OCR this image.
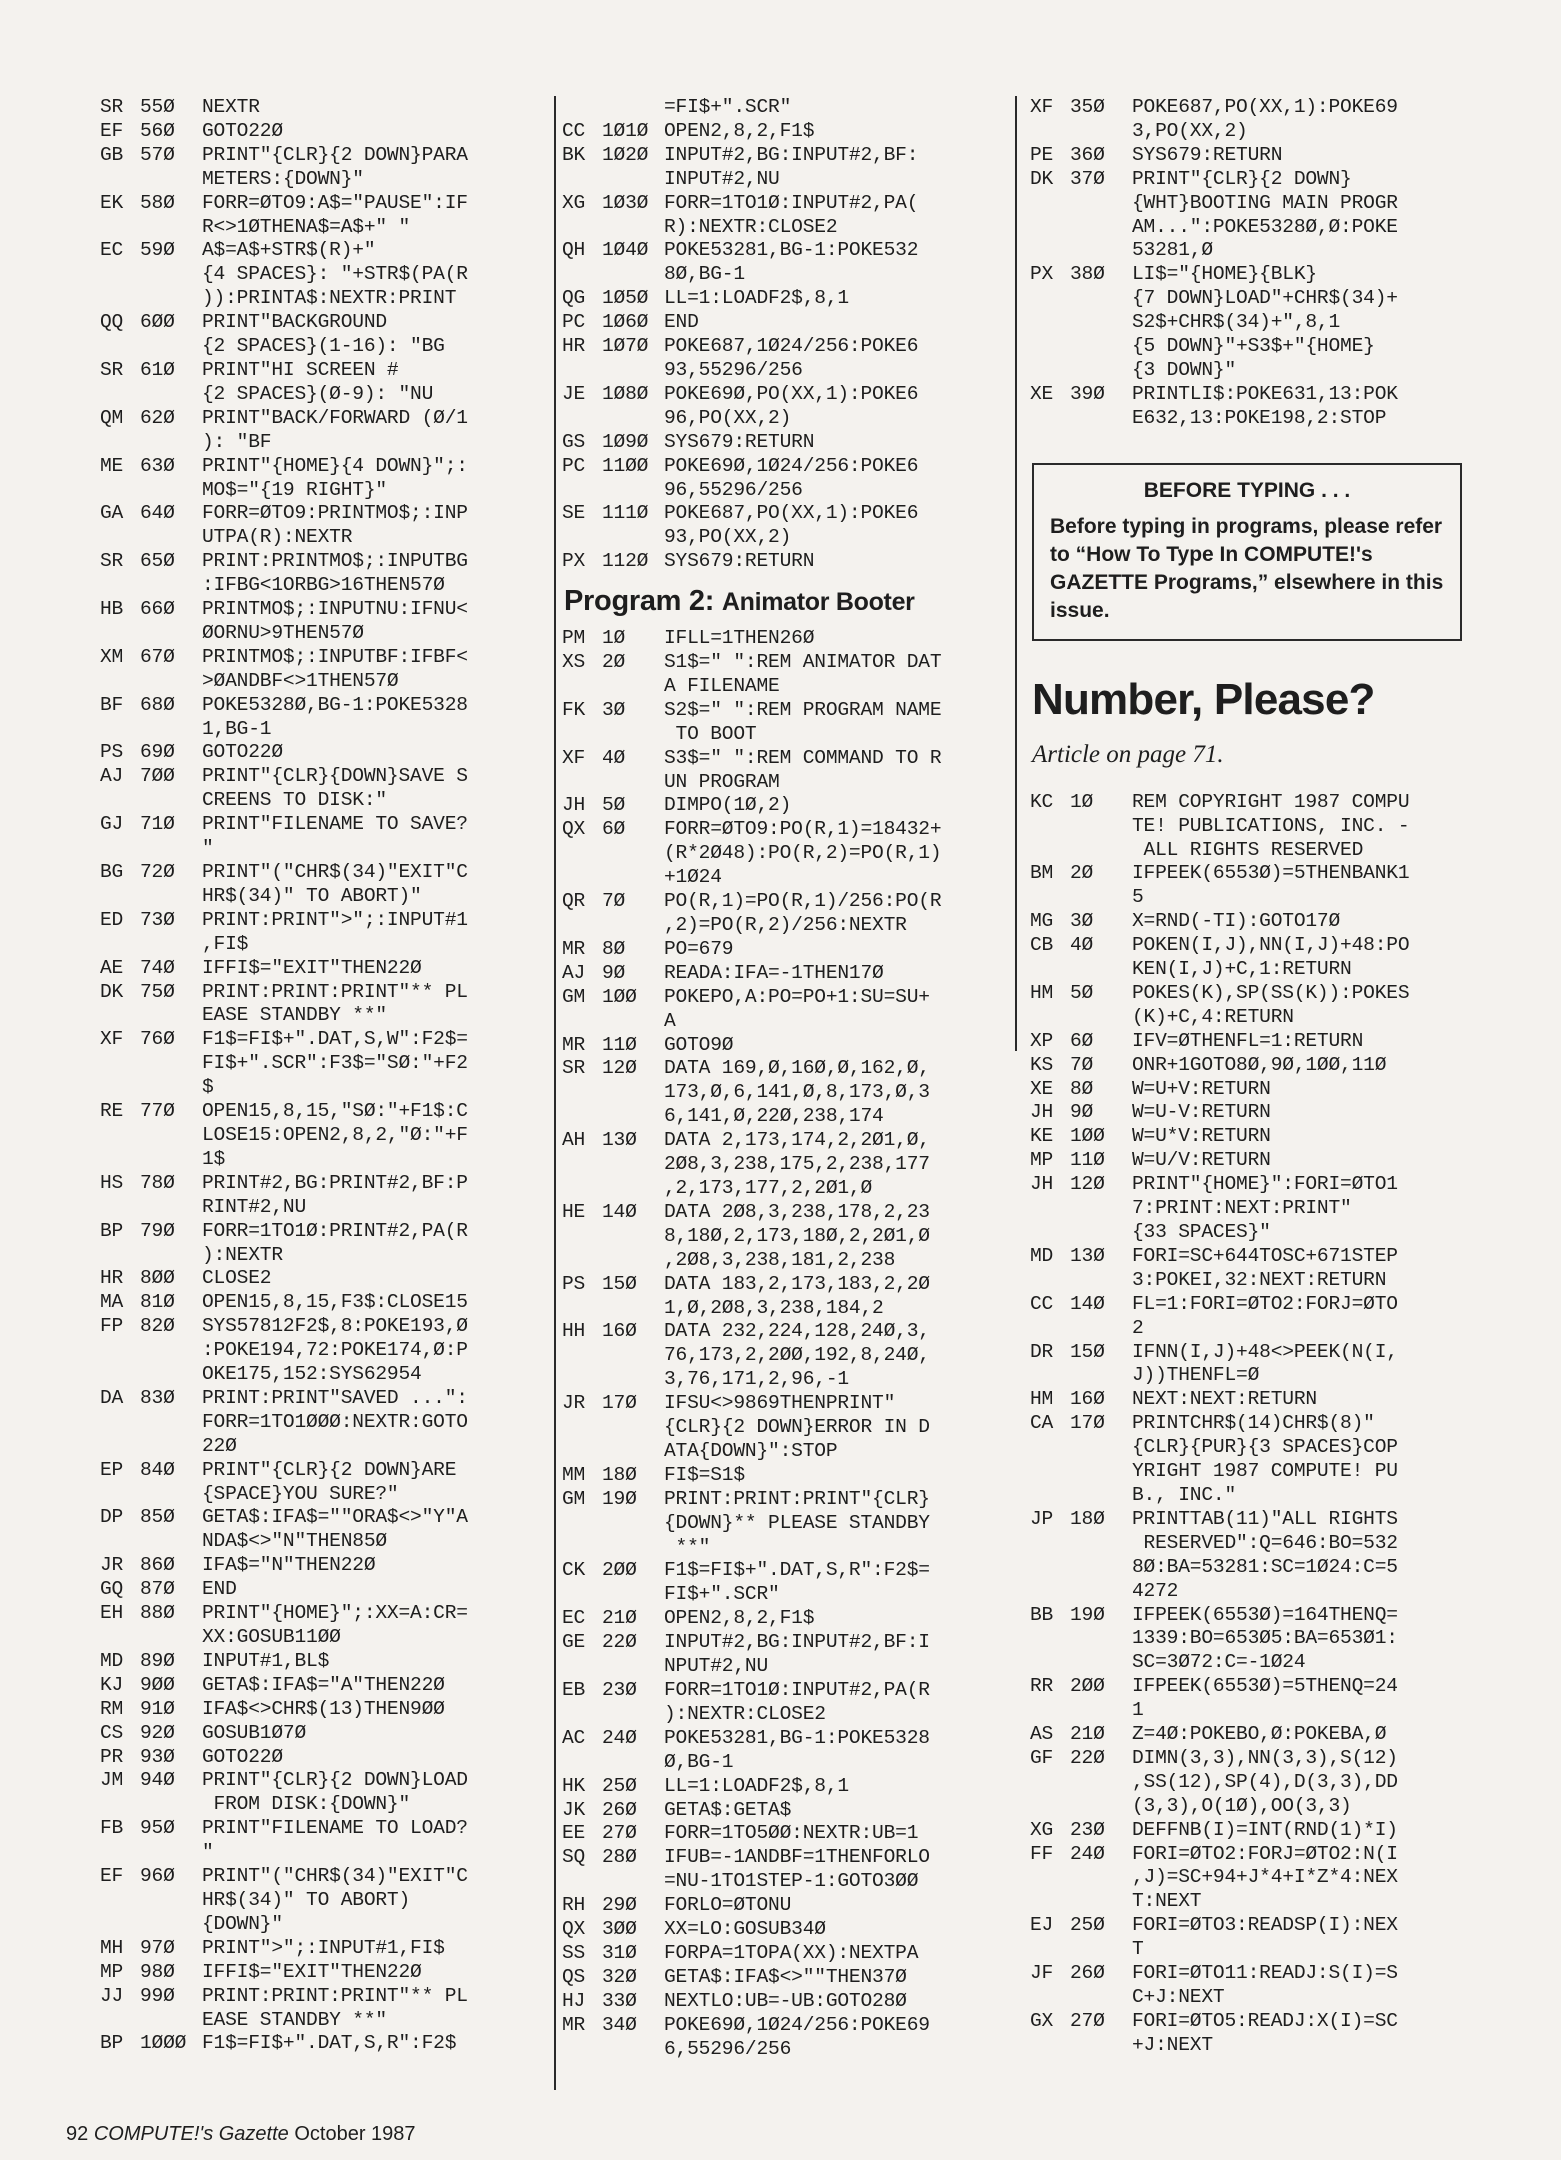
SR 55Ø	NEXTR
EF 56Ø	GOTO22Ø
GB 57Ø	PRINT"{CLR}{2 DOWN}PARA
METERS:{DOWN}"
EK 58Ø	FORR=ØTO9:A$="PAUSE":IF
R<>1ØTHENA$=A$+" "
EC 59Ø	A$=A$+STR$(R)+"
{4 SPACES}: "+STR$(PA(R
)):PRINTA$:NEXTR:PRINT
QQ 6ØØ	PRINT"BACKGROUND
{2 SPACES}(1-16): "BG
SR 61Ø	PRINT"HI SCREEN #
{2 SPACES}(Ø-9): "NU
QM 62Ø	PRINT"BACK/FORWARD (Ø/1
): "BF
ME 63Ø	PRINT"{HOME}{4 DOWN}";:
MO$="{19 RIGHT}"
GA 64Ø	FORR=ØTO9:PRINTMO$;:INP
UTPA(R):NEXTR
SR 65Ø	PRINT:PRINTMO$;:INPUTBG
:IFBG<1ORBG>16THEN57Ø
HB 66Ø	PRINTMO$;:INPUTNU:IFNU<
ØORNU>9THEN57Ø
XM 67Ø	PRINTMO$;:INPUTBF:IFBF<
>ØANDBF<>1THEN57Ø
BF 68Ø	POKE5328Ø,BG-1:POKE5328
1,BG-1
PS 69Ø	GOTO22Ø
AJ 7ØØ	PRINT"{CLR}{DOWN}SAVE S
CREENS TO DISK:"
GJ 71Ø	PRINT"FILENAME TO SAVE?
"
BG 72Ø	PRINT"("CHR$(34)"EXIT"C
HR$(34)" TO ABORT)"
ED 73Ø	PRINT:PRINT">";:INPUT#1
,FI$
AE 74Ø	IFFI$="EXIT"THEN22Ø
DK 75Ø	PRINT:PRINT:PRINT"** PL
EASE STANDBY **"
XF 76Ø	F1$=FI$+".DAT,S,W":F2$=
FI$+".SCR":F3$="SØ:"+F2
$
RE 77Ø	OPEN15,8,15,"SØ:"+F1$:C
LOSE15:OPEN2,8,2,"Ø:"+F
1$
HS 78Ø	PRINT#2,BG:PRINT#2,BF:P
RINT#2,NU
BP 79Ø	FORR=1TO1Ø:PRINT#2,PA(R
):NEXTR
HR 8ØØ	CLOSE2
MA 81Ø	OPEN15,8,15,F3$:CLOSE15
FP 82Ø	SYS57812F2$,8:POKE193,Ø
:POKE194,72:POKE174,Ø:P
OKE175,152:SYS62954
DA 83Ø	PRINT:PRINT"SAVED ...":
FORR=1TO1ØØØ:NEXTR:GOTO
22Ø
EP 84Ø	PRINT"{CLR}{2 DOWN}ARE
{SPACE}YOU SURE?"
DP 85Ø	GETA$:IFA$=""ORA$<>"Y"A
NDA$<>"N"THEN85Ø
JR 86Ø	IFA$="N"THEN22Ø
GQ 87Ø	END
EH 88Ø	PRINT"{HOME}";:XX=A:CR=
XX:GOSUB11ØØ
MD 89Ø	INPUT#1,BL$
KJ 9ØØ	GETA$:IFA$="A"THEN22Ø
RM 91Ø	IFA$<>CHR$(13)THEN9ØØ
CS 92Ø	GOSUB1Ø7Ø
PR 93Ø	GOTO22Ø
JM 94Ø	PRINT"{CLR}{2 DOWN}LOAD
FROM DISK:{DOWN}"
FB 95Ø	PRINT"FILENAME TO LOAD?
"
EF 96Ø	PRINT"("CHR$(34)"EXIT"C
HR$(34)" TO ABORT)
{DOWN}"
MH 97Ø	PRINT">";:INPUT#1,FI$
MP 98Ø	IFFI$="EXIT"THEN22Ø
JJ 99Ø	PRINT:PRINT:PRINT"** PL
EASE STANDBY **"
BP 1ØØØ F1$=FI$+".DAT,S,R":F2$
=FI$+".SCR"
CC 1Ø1Ø OPEN2,8,2,F1$
BK 1Ø2Ø INPUT#2,BG:INPUT#2,BF:
INPUT#2,NU
XG 1Ø3Ø FORR=1TO1Ø:INPUT#2,PA(
R):NEXTR:CLOSE2
QH 1Ø4Ø POKE53281,BG-1:POKE532
8Ø,BG-1
QG 1Ø5Ø LL=1:LOADF2$,8,1
PC 1Ø6Ø END
HR 1Ø7Ø POKE687,1Ø24/256:POKE6
93,55296/256
JE 1Ø8Ø POKE69Ø,PO(XX,1):POKE6
96,PO(XX,2)
GS 1Ø9Ø SYS679:RETURN
PC 11ØØ POKE69Ø,1Ø24/256:POKE6
96,55296/256
SE 111Ø POKE687,PO(XX,1):POKE6
93,PO(XX,2)
PX 112Ø SYS679:RETURN
Program 2: Animator Booter
PM 1Ø	IFLL=1THEN26Ø
XS 2Ø	S1$=" ":REM ANIMATOR DAT
A FILENAME
FK 3Ø	S2$=" ":REM PROGRAM NAME
TO BOOT
XF 4Ø	S3$=" ":REM COMMAND TO R
UN PROGRAM
JH 5Ø	DIMPO(1Ø,2)
QX 6Ø	FORR=ØTO9:PO(R,1)=18432+
(R*2Ø48):PO(R,2)=PO(R,1)
+1Ø24
QR 7Ø	PO(R,1)=PO(R,1)/256:PO(R
,2)=PO(R,2)/256:NEXTR
MR 8Ø	PO=679
AJ 9Ø	READA:IFA=-1THEN17Ø
GM 1ØØ	POKEPO,A:PO=PO+1:SU=SU+
A
MR 11Ø	GOTO9Ø
SR 12Ø	DATA 169,Ø,16Ø,Ø,162,Ø,
173,Ø,6,141,Ø,8,173,Ø,3
6,141,Ø,22Ø,238,174
AH 13Ø	DATA 2,173,174,2,2Ø1,Ø,
2Ø8,3,238,175,2,238,177
,2,173,177,2,2Ø1,Ø
HE 14Ø	DATA 2Ø8,3,238,178,2,23
8,18Ø,2,173,18Ø,2,2Ø1,Ø
,2Ø8,3,238,181,2,238
PS 15Ø	DATA 183,2,173,183,2,2Ø
1,Ø,2Ø8,3,238,184,2
HH 16Ø	DATA 232,224,128,24Ø,3,
76,173,2,2ØØ,192,8,24Ø,
3,76,171,2,96,-1
JR 17Ø	IFSU<>9869THENPRINT"
{CLR}{2 DOWN}ERROR IN D
ATA{DOWN}":STOP
MM 18Ø	FI$=S1$
GM 19Ø	PRINT:PRINT:PRINT"{CLR}
{DOWN}** PLEASE STANDBY
**"
CK 2ØØ	F1$=FI$+".DAT,S,R":F2$=
FI$+".SCR"
EC 21Ø	OPEN2,8,2,F1$
GE 22Ø	INPUT#2,BG:INPUT#2,BF:I
NPUT#2,NU
EB 23Ø	FORR=1TO1Ø:INPUT#2,PA(R
):NEXTR:CLOSE2
AC 24Ø	POKE53281,BG-1:POKE5328
Ø,BG-1
HK 25Ø	LL=1:LOADF2$,8,1
JK 26Ø	GETA$:GETA$
EE 27Ø	FORR=1TO5ØØ:NEXTR:UB=1
SQ 28Ø	IFUB=-1ANDBF=1THENFORLO
=NU-1TO1STEP-1:GOTO3ØØ
RH 29Ø	FORLO=ØTONU
QX 3ØØ	XX=LO:GOSUB34Ø
SS 31Ø	FORPA=1TOPA(XX):NEXTPA
QS 32Ø	GETA$:IFA$<>""THEN37Ø
HJ 33Ø	NEXTLO:UB=-UB:GOTO28Ø
MR 34Ø	POKE69Ø,1Ø24/256:POKE69
6,55296/256
XF 35Ø	POKE687,PO(XX,1):POKE69
3,PO(XX,2)
PE 36Ø	SYS679:RETURN
DK 37Ø	PRINT"{CLR}{2 DOWN}
{WHT}BOOTING MAIN PROGR
AM...":POKE5328Ø,Ø:POKE
53281,Ø
PX 38Ø	LI$="{HOME}{BLK}
{7 DOWN}LOAD"+CHR$(34)+
S2$+CHR$(34)+",8,1
{5 DOWN}"+S3$+"{HOME}
{3 DOWN}"
XE 39Ø	PRINTLI$:POKE631,13:POK
E632,13:POKE198,2:STOP
BEFORE TYPING . . .
Before typing in programs, please refer to “How To Type In COMPUTE!'s GAZETTE Programs,” elsewhere in this issue.
Number, Please?
Article on page 71.
KC 1Ø	REM COPYRIGHT 1987 COMPU
TE! PUBLICATIONS, INC. -
ALL RIGHTS RESERVED
BM 2Ø	IFPEEK(6553Ø)=5THENBANK1
5
MG 3Ø	X=RND(-TI):GOTO17Ø
CB 4Ø	POKEN(I,J),NN(I,J)+48:PO
KEN(I,J)+C,1:RETURN
HM 5Ø	POKES(K),SP(SS(K)):POKES
(K)+C,4:RETURN
XP 6Ø	IFV=ØTHENFL=1:RETURN
KS 7Ø	ONR+1GOTO8Ø,9Ø,1ØØ,11Ø
XE 8Ø	W=U+V:RETURN
JH 9Ø	W=U-V:RETURN
KE 1ØØ	W=U*V:RETURN
MP 11Ø	W=U/V:RETURN
JH 12Ø	PRINT"{HOME}":FORI=ØTO1
7:PRINT:NEXT:PRINT"
{33 SPACES}"
MD 13Ø	FORI=SC+644TOSC+671STEP
3:POKEI,32:NEXT:RETURN
CC 14Ø	FL=1:FORI=ØTO2:FORJ=ØTO
2
DR 15Ø	IFNN(I,J)+48<>PEEK(N(I,
J))THENFL=Ø
HM 16Ø	NEXT:NEXT:RETURN
CA 17Ø	PRINTCHR$(14)CHR$(8)"
{CLR}{PUR}{3 SPACES}COP
YRIGHT 1987 COMPUTE! PU
B., INC."
JP 18Ø	PRINTTAB(11)"ALL RIGHTS
RESERVED":Q=646:BO=532
8Ø:BA=53281:SC=1Ø24:C=5
4272
BB 19Ø	IFPEEK(6553Ø)=164THENQ=
1339:BO=653Ø5:BA=653Ø1:
SC=3Ø72:C=-1Ø24
RR 2ØØ	IFPEEK(6553Ø)=5THENQ=24
1
AS 21Ø	Z=4Ø:POKEBO,Ø:POKEBA,Ø
GF 22Ø	DIMN(3,3),NN(3,3),S(12)
,SS(12),SP(4),D(3,3),DD
(3,3),O(1Ø),OO(3,3)
XG 23Ø	DEFFNB(I)=INT(RND(1)*I)
FF 24Ø	FORI=ØTO2:FORJ=ØTO2:N(I
,J)=SC+94+J*4+I*Z*4:NEX
T:NEXT
EJ 25Ø	FORI=ØTO3:READSP(I):NEX
T
JF 26Ø	FORI=ØTO11:READJ:S(I)=S
C+J:NEXT
GX 27Ø	FORI=ØTO5:READJ:X(I)=SC
+J:NEXT
92 COMPUTE!'s Gazette October 1987
